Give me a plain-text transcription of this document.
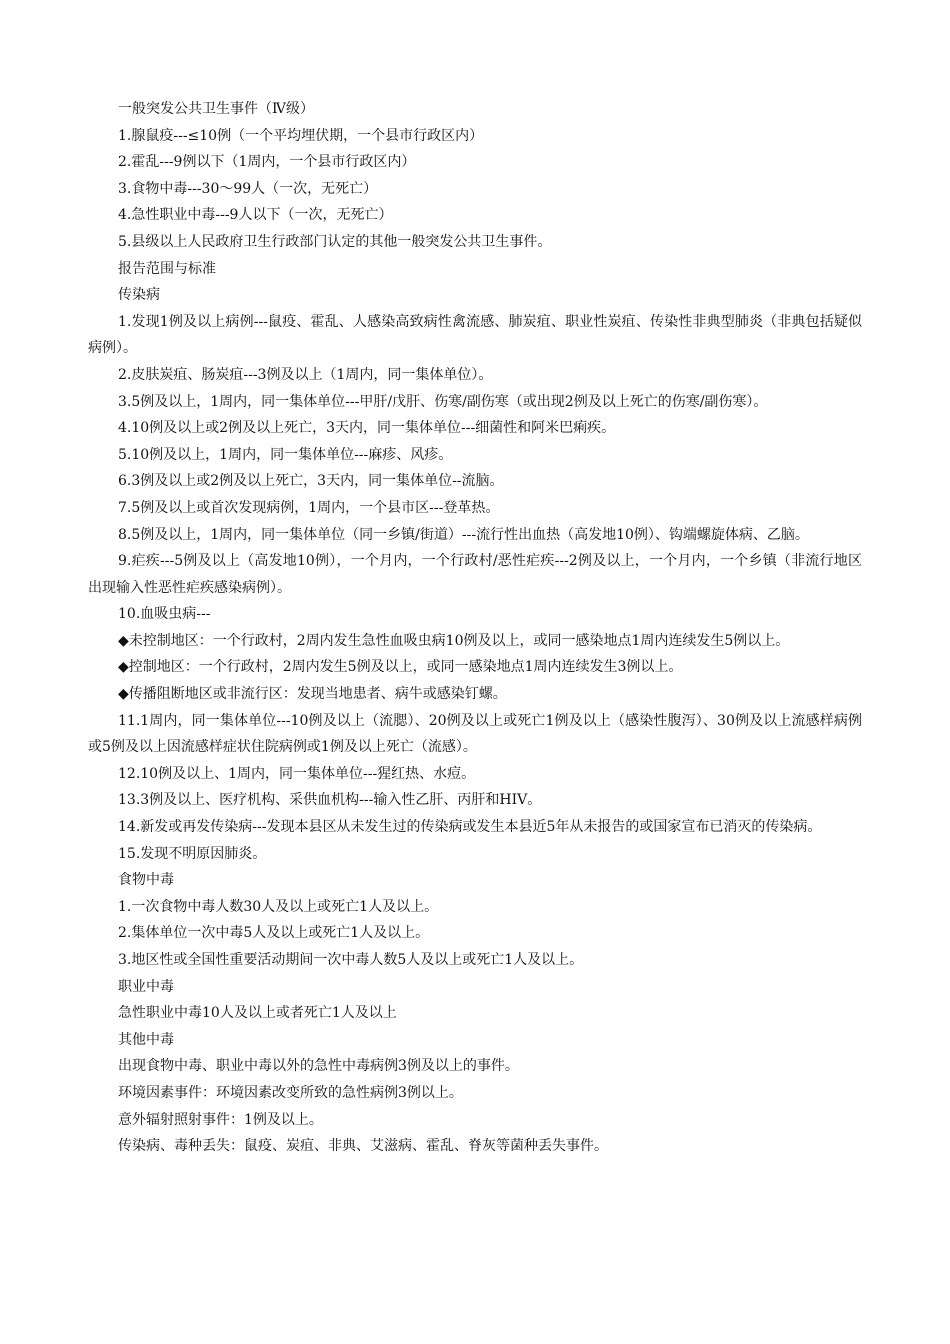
一般突发公共卫生事件（Ⅳ级）

1.腺鼠疫---≤10例（一个平均埋伏期，一个县市行政区内）

2.霍乱---9例以下（1周内，一个县市行政区内）

3.食物中毒---30～99人（一次，无死亡）

4.急性职业中毒---9人以下（一次，无死亡）

5.县级以上人民政府卫生行政部门认定的其他一般突发公共卫生事件。

报告范围与标准

传染病

1.发现1例及以上病例---鼠疫、霍乱、人感染高致病性禽流感、肺炭疽、职业性炭疽、传染性非典型肺炎（非典包括疑似病例）。

2.皮肤炭疽、肠炭疽---3例及以上（1周内，同一集体单位）。

3.5例及以上，1周内，同一集体单位---甲肝/戊肝、伤寒/副伤寒（或出现2例及以上死亡的伤寒/副伤寒）。

4.10例及以上或2例及以上死亡，3天内，同一集体单位---细菌性和阿米巴痢疾。

5.10例及以上，1周内，同一集体单位---麻疹、风疹。

6.3例及以上或2例及以上死亡，3天内，同一集体单位--流脑。

7.5例及以上或首次发现病例，1周内，一个县市区---登革热。

8.5例及以上，1周内，同一集体单位（同一乡镇/街道）---流行性出血热（高发地10例）、钩端螺旋体病、乙脑。

9.疟疾---5例及以上（高发地10例），一个月内，一个行政村/恶性疟疾---2例及以上，一个月内，一个乡镇（非流行地区出现输入性恶性疟疾感染病例）。

10.血吸虫病---

◆未控制地区：一个行政村，2周内发生急性血吸虫病10例及以上，或同一感染地点1周内连续发生5例以上。

◆控制地区：一个行政村，2周内发生5例及以上，或同一感染地点1周内连续发生3例以上。

◆传播阻断地区或非流行区：发现当地患者、病牛或感染钉螺。

11.1周内，同一集体单位---10例及以上（流腮）、20例及以上或死亡1例及以上（感染性腹泻）、30例及以上流感样病例或5例及以上因流感样症状住院病例或1例及以上死亡（流感）。

12.10例及以上、1周内，同一集体单位---猩红热、水痘。

13.3例及以上、医疗机构、采供血机构---输入性乙肝、丙肝和HIV。

14.新发或再发传染病---发现本县区从未发生过的传染病或发生本县近5年从未报告的或国家宣布已消灭的传染病。

15.发现不明原因肺炎。

食物中毒

1.一次食物中毒人数30人及以上或死亡1人及以上。

2.集体单位一次中毒5人及以上或死亡1人及以上。

3.地区性或全国性重要活动期间一次中毒人数5人及以上或死亡1人及以上。

职业中毒

急性职业中毒10人及以上或者死亡1人及以上

其他中毒

出现食物中毒、职业中毒以外的急性中毒病例3例及以上的事件。

环境因素事件：环境因素改变所致的急性病例3例以上。

意外辐射照射事件：1例及以上。

传染病、毒种丢失：鼠疫、炭疽、非典、艾滋病、霍乱、脊灰等菌种丢失事件。
